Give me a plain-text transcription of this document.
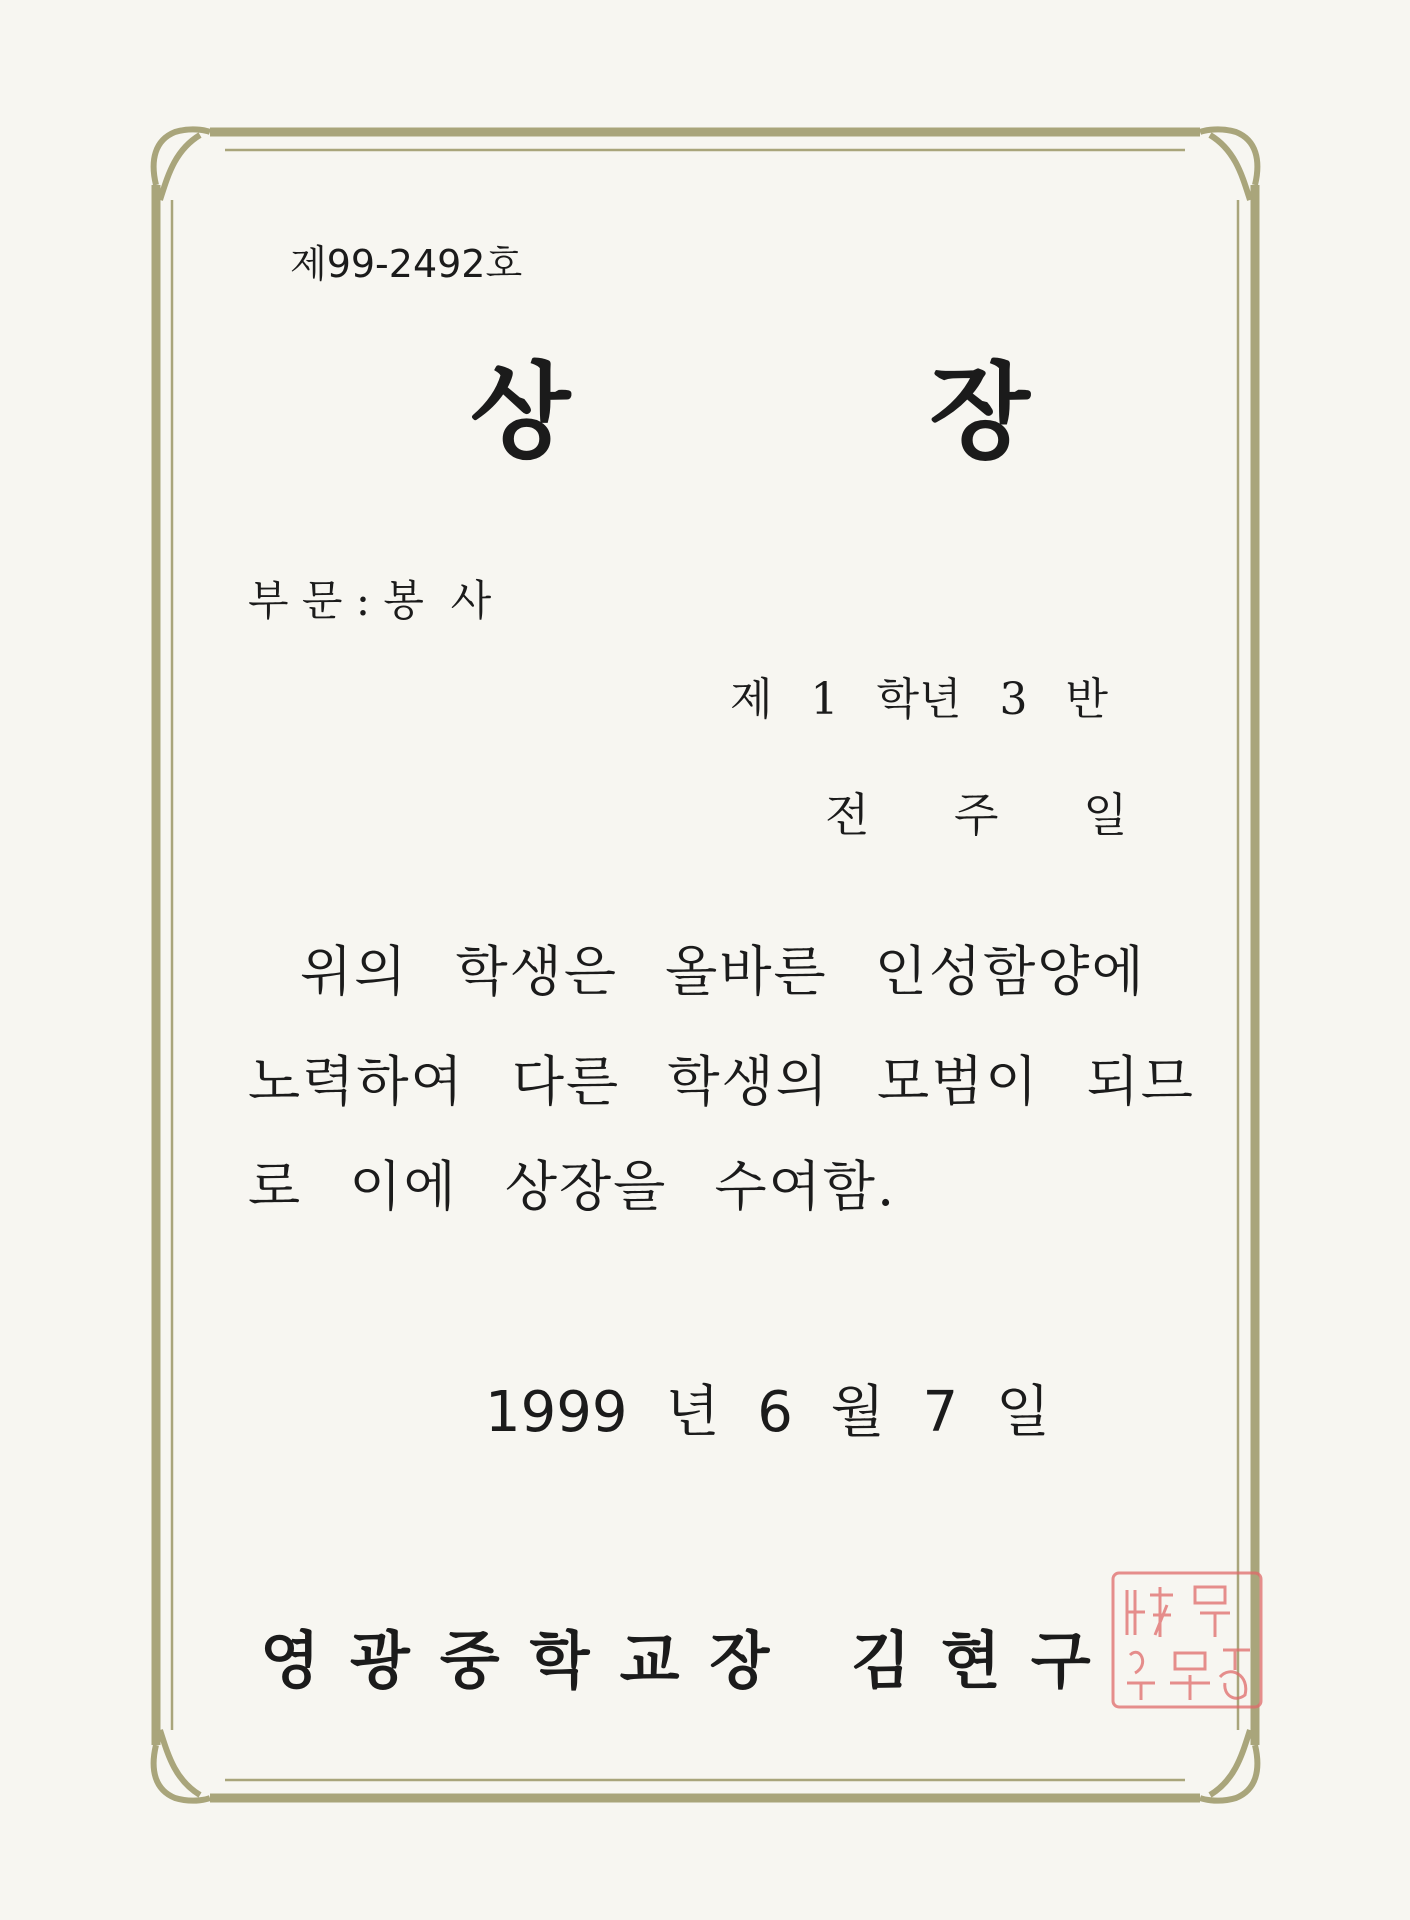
제99-2492호
상	장
부 문 : 봉  사
제 1 학년 3 반
전 주 일
위의 학생은 올바른 인성함양에
노력하여 다른 학생의 모범이 되므
로 이에 상장을 수여함.
1999 년 6 월 7 일
영광중학교장 김현구
